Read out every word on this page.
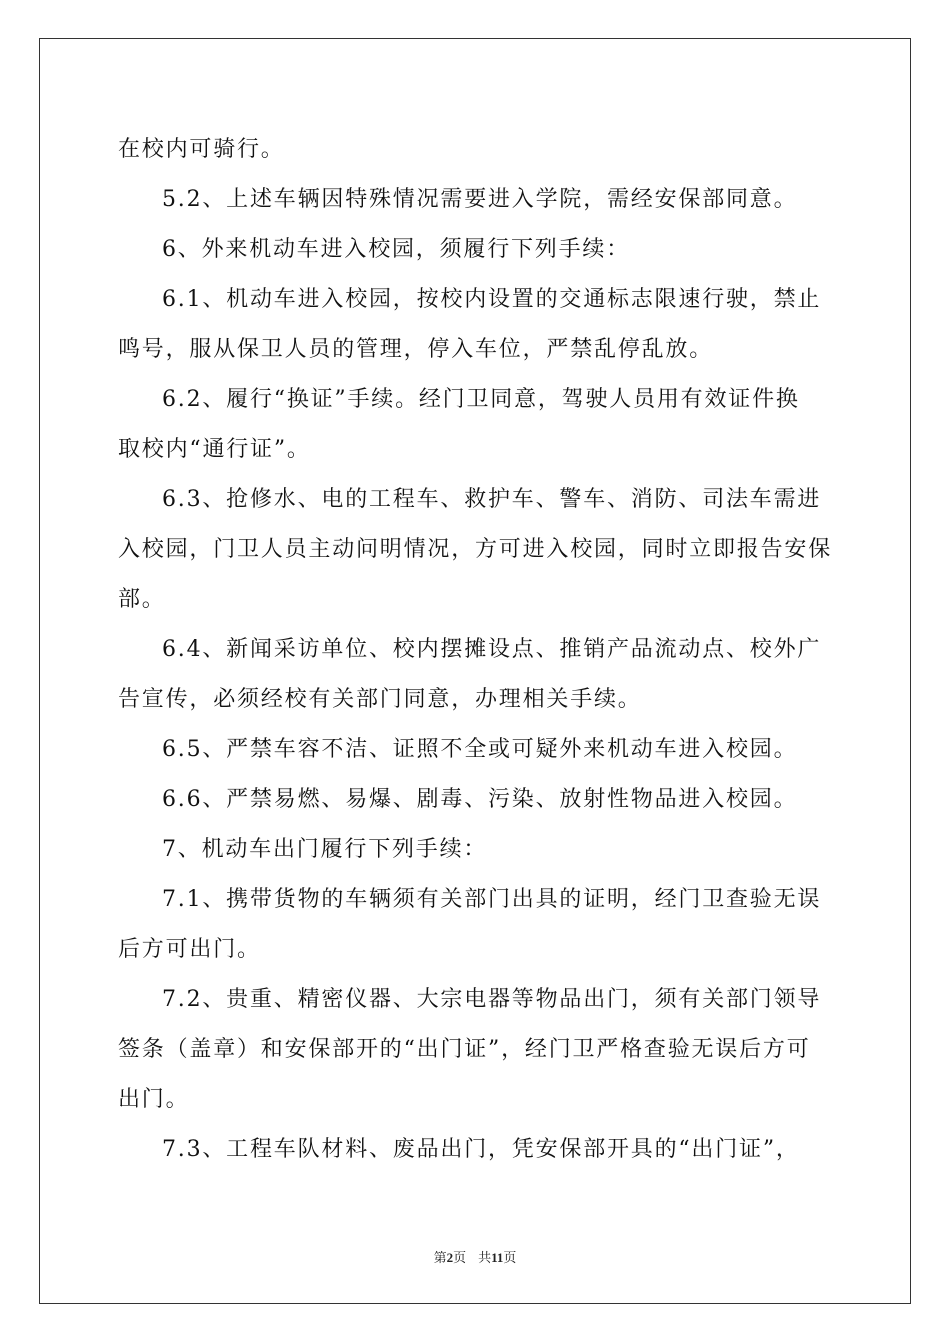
在校内可骑行。
5.2、上述车辆因特殊情况需要进入学院，需经安保部同意。
6、外来机动车进入校园，须履行下列手续：
6.1、机动车进入校园，按校内设置的交通标志限速行驶，禁止
鸣号，服从保卫人员的管理，停入车位，严禁乱停乱放。
6.2、履行“换证”手续。经门卫同意，驾驶人员用有效证件换
取校内“通行证”。
6.3、抢修水、电的工程车、救护车、警车、消防、司法车需进
入校园，门卫人员主动问明情况，方可进入校园，同时立即报告安保
部。
6.4、新闻采访单位、校内摆摊设点、推销产品流动点、校外广
告宣传，必须经校有关部门同意，办理相关手续。
6.5、严禁车容不洁、证照不全或可疑外来机动车进入校园。
6.6、严禁易燃、易爆、剧毒、污染、放射性物品进入校园。
7、机动车出门履行下列手续：
7.1、携带货物的车辆须有关部门出具的证明，经门卫查验无误
后方可出门。
7.2、贵重、精密仪器、大宗电器等物品出门，须有关部门领导
签条（盖章）和安保部开的“出门证”，经门卫严格查验无误后方可
出门。
7.3、工程车队材料、废品出门，凭安保部开具的“出门证”，
第2页 共11页
